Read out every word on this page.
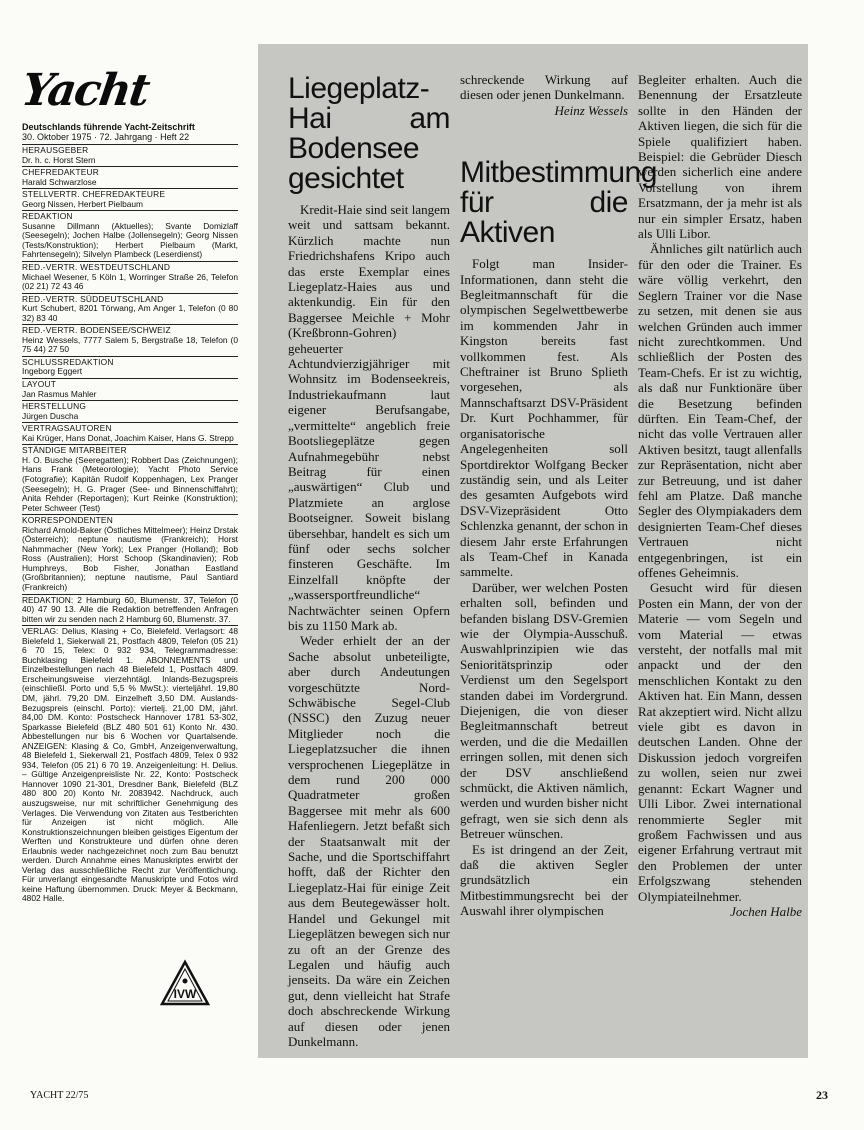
Yacht
Deutschlands führende Yacht-Zeitschrift
30. Oktober 1975 · 72. Jahrgang · Heft 22
HERAUSGEBER
Dr. h. c. Horst Stern
CHEFREDAKTEUR
Harald Schwarzlose
STELLVERTR. CHEFREDAKTEURE
Georg Nissen, Herbert Pielbaum
REDAKTION
Susanne Dillmann (Aktuelles); Svante Domizlaff (Seesegeln); Jochen Halbe (Jollensegeln); Georg Nissen (Tests/Konstruktion); Herbert Pielbaum (Markt, Fahrtensegeln); Silvelyn Plambeck (Leserdienst)
RED.-VERTR. WESTDEUTSCHLAND
Michael Wesener, 5 Köln 1, Worringer Straße 26, Telefon (02 21) 72 43 46
RED.-VERTR. SÜDDEUTSCHLAND
Kurt Schubert, 8201 Törwang, Am Anger 1, Telefon (0 80 32) 83 40
RED.-VERTR. BODENSEE/SCHWEIZ
Heinz Wessels, 7777 Salem 5, Bergstraße 18, Telefon (0 75 44) 27 50
SCHLUSSREDAKTION
Ingeborg Eggert
LAYOUT
Jan Rasmus Mahler
HERSTELLUNG
Jürgen Duscha
VERTRAGSAUTOREN
Kai Krüger, Hans Donat, Joachim Kaiser, Hans G. Strepp
STÄNDIGE MITARBEITER
H. O. Busche (Seeregatten); Robbert Das (Zeichnungen); Hans Frank (Meteorologie); Yacht Photo Service (Fotografie); Kapitän Rudolf Koppenhagen, Lex Pranger (Seesegeln); H. G. Prager (See- und Binnenschiffahrt); Anita Rehder (Reportagen); Kurt Reinke (Konstruktion); Peter Schweer (Test)
KORRESPONDENTEN
Richard Arnold-Baker (Östliches Mittelmeer); Heinz Drstak (Österreich); neptune nautisme (Frankreich); Horst Nahmmacher (New York); Lex Pranger (Holland); Bob Ross (Australien); Horst Schoop (Skandinavien); Rob Humphreys, Bob Fisher, Jonathan Eastland (Großbritannien); neptune nautisme, Paul Santiard (Frankreich)
REDAKTION: 2 Hamburg 60, Blumenstr. 37, Telefon (0 40) 47 90 13. Alle die Redaktion betreffenden Anfragen bitten wir zu senden nach 2 Hamburg 60, Blumenstr. 37.
VERLAG: Delius, Klasing + Co, Bielefeld. Verlagsort: 48 Bielefeld 1, Siekerwall 21, Postfach 4809, Telefon (05 21) 6 70 15, Telex: 0 932 934, Telegrammadresse: Buchklasing Bielefeld 1. ABONNEMENTS und Einzelbestellungen nach 48 Bielefeld 1, Postfach 4809. Erscheinungsweise vierzehntägl. Inlands-Bezugspreis (einschließl. Porto und 5,5 % MwSt.): vierteljährl. 19,80 DM, jährl. 79,20 DM. Einzelheft 3,50 DM. Auslands-Bezugspreis (einschl. Porto): viertelj. 21,00 DM, jährl. 84,00 DM. Konto: Postscheck Hannover 1781 53-302, Sparkasse Bielefeld (BLZ 480 501 61) Konto Nr. 430. Abbestellungen nur bis 6 Wochen vor Quartalsende. ANZEIGEN: Klasing & Co, GmbH, Anzeigenverwaltung, 48 Bielefeld 1, Siekerwall 21, Postfach 4809, Telex 0 932 934, Telefon (05 21) 6 70 19. Anzeigenleitung: H. Delius. – Gültige Anzeigenpreisliste Nr. 22, Konto: Postscheck Hannover 1090 21-301, Dresdner Bank, Bielefeld (BLZ 480 800 20) Konto Nr. 2083942. Nachdruck, auch auszugsweise, nur mit schriftlicher Genehmigung des Verlages. Die Verwendung von Zitaten aus Testberichten für Anzeigen ist nicht möglich. Alle Konstruktionszeichnungen bleiben geistiges Eigentum der Werften und Konstrukteure und dürfen ohne deren Erlaubnis weder nachgezeichnet noch zum Bau benutzt werden. Durch Annahme eines Manuskriptes erwirbt der Verlag das ausschließliche Recht zur Veröffentlichung. Für unverlangt eingesandte Manuskripte und Fotos wird keine Haftung übernommen. Druck: Meyer & Beckmann, 4802 Halle.
IVW
Liegeplatz-Hai am Bodensee gesichtet

Kredit-Haie sind seit langem weit und sattsam bekannt. Kürzlich machte nun Friedrichshafens Kripo auch das erste Exemplar eines Liegeplatz-Haies aus und aktenkundig. Ein für den Baggersee Meichle + Mohr (Kreßbronn-Gohren) geheuerter Achtundvierzigjähriger mit Wohnsitz im Bodenseekreis, Industriekaufmann laut eigener Berufsangabe, „vermittelte“ angeblich freie Bootsliegeplätze gegen Aufnahmegebühr nebst Beitrag für einen „auswärtigen“ Club und Platzmiete an arglose Bootseigner. Soweit bislang übersehbar, handelt es sich um fünf oder sechs solcher finsteren Geschäfte. Im Einzelfall knöpfte der „wassersportfreundliche“ Nachtwächter seinen Opfern bis zu 1150 Mark ab.

Weder erhielt der an der Sache absolut unbeteiligte, aber durch Andeutungen vorgeschützte Nord-Schwäbische Segel-Club (NSSC) den Zuzug neuer Mitglieder noch die Liegeplatzsucher die ihnen versprochenen Liegeplätze in dem rund 200 000 Quadratmeter großen Baggersee mit mehr als 600 Hafenliegern. Jetzt befaßt sich der Staatsanwalt mit der Sache, und die Sportschiffahrt hofft, daß der Richter den Liegeplatz-Hai für einige Zeit aus dem Beutegewässer holt. Handel und Gekungel mit Liegeplätzen bewegen sich nur zu oft an der Grenze des Legalen und häufig auch jenseits. Da wäre ein Zeichen gut, denn vielleicht hat Strafe doch abschreckende Wirkung auf diesen oder jenen Dunkelmann.

schreckende Wirkung auf diesen oder jenen Dunkelmann.

Heinz Wessels

Mitbestimmung für die Aktiven

Folgt man Insider-Informationen, dann steht die Begleitmannschaft für die olympischen Segelwettbewerbe im kommenden Jahr in Kingston bereits fast vollkommen fest. Als Cheftrainer ist Bruno Splieth vorgesehen, als Mannschaftsarzt DSV-Präsident Dr. Kurt Pochhammer, für organisatorische Angelegenheiten soll Sportdirektor Wolfgang Becker zuständig sein, und als Leiter des gesamten Aufgebots wird DSV-Vizepräsident Otto Schlenzka genannt, der schon in diesem Jahr erste Erfahrungen als Team-Chef in Kanada sammelte.

Darüber, wer welchen Posten erhalten soll, befinden und befanden bislang DSV-Gremien wie der Olympia-Ausschuß. Auswahlprinzipien wie das Senioritätsprinzip oder Verdienst um den Segelsport standen dabei im Vordergrund. Diejenigen, die von dieser Begleitmannschaft betreut werden, und die die Medaillen erringen sollen, mit denen sich der DSV anschließend schmückt, die Aktiven nämlich, werden und wurden bisher nicht gefragt, wen sie sich denn als Betreuer wünschen.

Es ist dringend an der Zeit, daß die aktiven Segler grundsätzlich ein Mitbestimmungsrecht bei der Auswahl ihrer olympischen

Begleiter erhalten. Auch die Benennung der Ersatzleute sollte in den Händen der Aktiven liegen, die sich für die Spiele qualifiziert haben. Beispiel: die Gebrüder Diesch werden sicherlich eine andere Vorstellung von ihrem Ersatzmann, der ja mehr ist als nur ein simpler Ersatz, haben als Ulli Libor.

Ähnliches gilt natürlich auch für den oder die Trainer. Es wäre völlig verkehrt, den Seglern Trainer vor die Nase zu setzen, mit denen sie aus welchen Gründen auch immer nicht zurechtkommen. Und schließlich der Posten des Team-Chefs. Er ist zu wichtig, als daß nur Funktionäre über die Besetzung befinden dürften. Ein Team-Chef, der nicht das volle Vertrauen aller Aktiven besitzt, taugt allenfalls zur Repräsentation, nicht aber zur Betreuung, und ist daher fehl am Platze. Daß manche Segler des Olympiakaders dem designierten Team-Chef dieses Vertrauen nicht entgegenbringen, ist ein offenes Geheimnis.

Gesucht wird für diesen Posten ein Mann, der von der Materie — vom Segeln und vom Material — etwas versteht, der notfalls mal mit anpackt und der den menschlichen Kontakt zu den Aktiven hat. Ein Mann, dessen Rat akzeptiert wird. Nicht allzu viele gibt es davon in deutschen Landen. Ohne der Diskussion jedoch vorgreifen zu wollen, seien nur zwei genannt: Eckart Wagner und Ulli Libor. Zwei international renommierte Segler mit großem Fachwissen und aus eigener Erfahrung vertraut mit den Problemen der unter Erfolgszwang stehenden Olympiateilnehmer.

Jochen Halbe

YACHT 22/75	23
